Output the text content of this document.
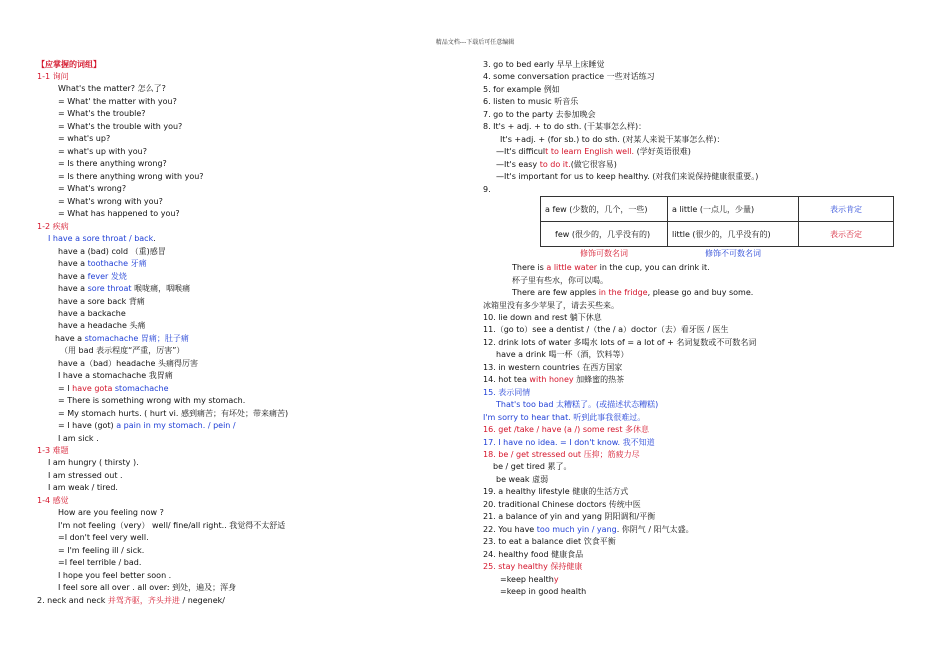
精品文档---下载后可任意编辑
【应掌握的词组】
1-1 询问
What's the matter? 怎么了?
= What' the matter with you?
= What's the trouble?
= What's the trouble with you?
= what's up?
= what's up with you?
= Is there anything wrong?
= Is there anything wrong with you?
= What's wrong?
= What's wrong with you?
= What has happened to you?
1-2 疾病
I have a sore throat / back.
have a (bad) cold （重)感冒
have a toothache 牙痛
have a fever 发烧
have a sore throat 喉咙痛，咽喉痛
have a sore back 背痛
have a backache
have a headache 头痛
have a stomachache 胃痛；肚子痛
（用 bad 表示程度“严重，厉害”）
have a（bad）headache 头痛得厉害
I have a stomachache 我胃痛
= I have gota stomachache
= There is something wrong with my stomach.
= My stomach hurts. ( hurt vi. 感到痛苦；有坏处；带来痛苦)
= I have (got) a pain in my stomach. / pein /
I am sick .
1-3 难题
I am hungry ( thirsty ).
I am stressed out .
I am weak / tired.
1-4 感觉
How are you feeling now ?
I'm not feeling（very） well/ fine/all right.. 我觉得不太舒适
=I don't feel very well.
= I'm feeling ill / sick.
=I feel terrible / bad.
I hope you feel better soon .
I feel sore all over . all over: 到处，遍及；浑身
2. neck and neck 并驾齐驱，齐头并进 / negenek/
3. go to bed early 早早上床睡觉
4. some conversation practice 一些对话练习
5. for example 例如
6. listen to music 听音乐
7. go to the party 去参加晚会
8. It's + adj. + to do sth. (干某事怎么样)：
It's +adj. + (for sb.) to do sth. (对某人来说干某事怎么样)：
—It's difficult to learn English well. (学好英语很难)
—It's easy to do it.(做它很容易)
—It's important for us to keep healthy. (对我们来说保持健康很重要。)
9.
There is a little water in the cup, you can drink it.
杯子里有些水，你可以喝。
There are few apples in the fridge, please go and buy some.
冰箱里没有多少苹果了，请去买些来。
10. lie down and rest 躺下休息
11.（go to）see a dentist /（the / a）doctor（去）看牙医 / 医生
12. drink lots of water 多喝水 lots of = a lot of + 名词复数或不可数名词
have a drink 喝一杯（酒，饮料等）
13. in western countries 在西方国家
14. hot tea with honey 加蜂蜜的热茶
15. 表示同情
That's too bad 太糟糕了。(或描述状态糟糕)
I'm sorry to hear that. 听到此事我很难过。
16. get /take / have (a /) some rest 多休息
17. I have no idea. = I don't know. 我不知道
18. be / get stressed out 压抑；筋疲力尽
be / get tired 累了。
be weak 虚弱
19. a healthy lifestyle 健康的生活方式
20. traditional Chinese doctors 传统中医
21. a balance of yin and yang 阴阳调和/平衡
22. You have too much yin / yang. 你阴气 / 阳气太盛。
23. to eat a balance diet 饮食平衡
24. healthy food 健康食品
25. stay healthy 保持健康
=keep healthy
=keep in good health
a few (少数的，几个，一些)	a little (一点儿，少量)	表示肯定
few (很少的，几乎没有的)	little (很少的，几乎没有的)	表示否定
修饰可数名词	修饰不可数名词	
